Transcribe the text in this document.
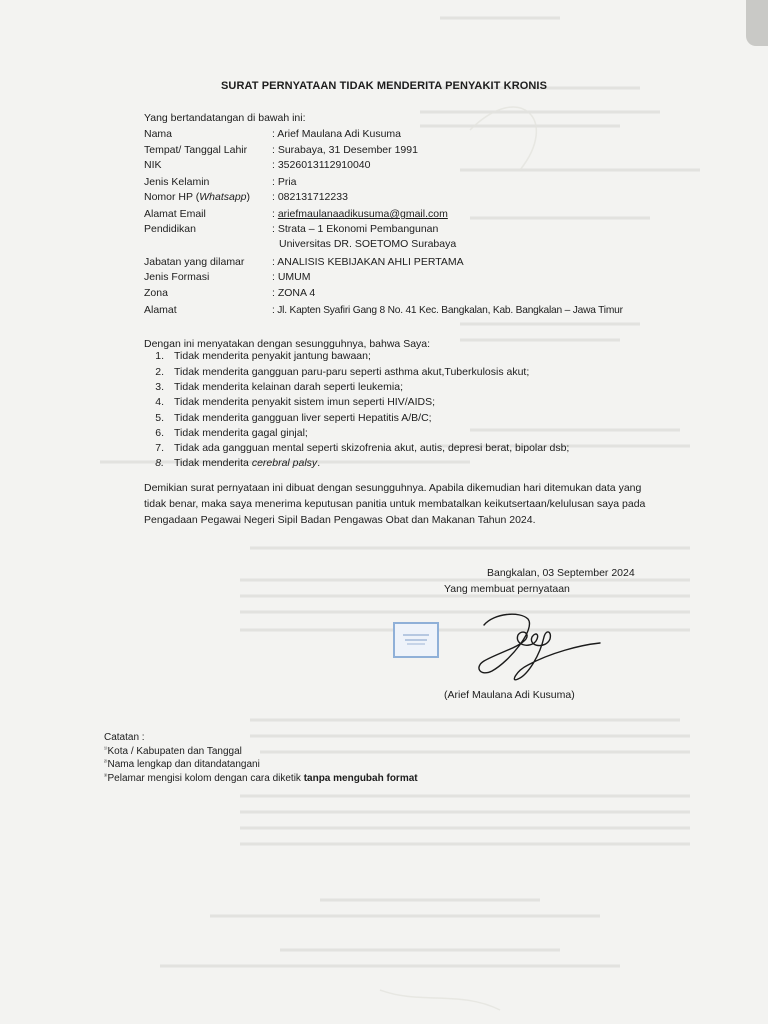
SURAT PERNYATAAN TIDAK MENDERITA PENYAKIT KRONIS
Yang bertandatangan di bawah ini:
Nama	: Arief Maulana Adi Kusuma
Tempat/ Tanggal Lahir : Surabaya, 31 Desember 1991
NIK	: 3526013112910040
Jenis Kelamin	: Pria
Nomor HP (Whatsapp) : 082131712233
Alamat Email	: ariefmaulanaadikusuma@gmail.com
Pendidikan	: Strata – 1 Ekonomi Pembangunan
Universitas DR. SOETOMO Surabaya
Jabatan yang dilamar	: ANALISIS KEBIJAKAN AHLI PERTAMA
Jenis Formasi	: UMUM
Zona	: ZONA 4
Alamat	: Jl. Kapten Syafiri Gang 8 No. 41 Kec. Bangkalan, Kab. Bangkalan – Jawa Timur
Dengan ini menyatakan dengan sesungguhnya, bahwa Saya:
1. Tidak menderita penyakit jantung bawaan;
2. Tidak menderita gangguan paru-paru seperti asthma akut,Tuberkulosis akut;
3. Tidak menderita kelainan darah seperti leukemia;
4. Tidak menderita penyakit sistem imun seperti HIV/AIDS;
5. Tidak menderita gangguan liver seperti Hepatitis A/B/C;
6. Tidak menderita gagal ginjal;
7. Tidak ada gangguan mental seperti skizofrenia akut, autis, depresi berat, bipolar dsb;
8. Tidak menderita cerebral palsy.
Demikian surat pernyataan ini dibuat dengan sesungguhnya. Apabila dikemudian hari ditemukan data yang tidak benar, maka saya menerima keputusan panitia untuk membatalkan keikutsertaan/kelulusan saya pada Pengadaan Pegawai Negeri Sipil Badan Pengawas Obat dan Makanan Tahun 2024.
Bangkalan, 03 September 2024
Yang membuat pernyataan
(Arief Maulana Adi Kusuma)
Catatan :
$^{^{1)}}$Kota / Kabupaten dan Tanggal
$^{^{2)}}$Nama lengkap dan ditandatangani
$^{^{3)}}$Pelamar mengisi kolom dengan cara diketik tanpa mengubah format
